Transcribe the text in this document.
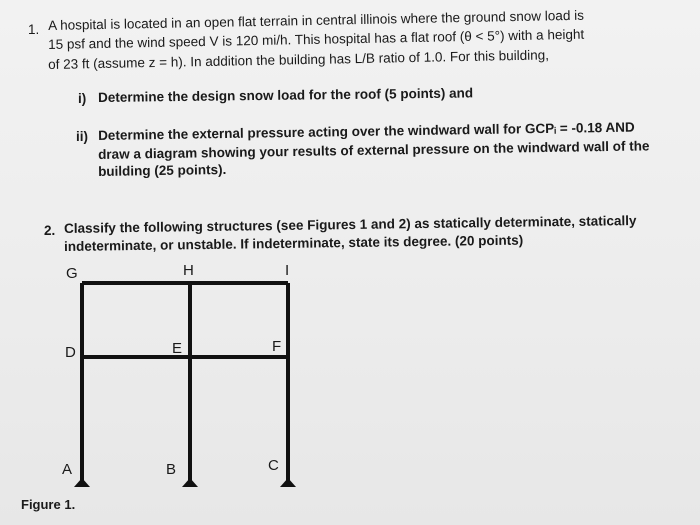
1. A hospital is located in an open flat terrain in central illinois where the ground snow load is
15 psf and the wind speed V is 120 mi/h. This hospital has a flat roof (θ < 5°) with a height
of 23 ft (assume z = h). In addition the building has L/B ratio of 1.0. For this building,
i) Determine the design snow load for the roof (5 points) and
ii) Determine the external pressure acting over the windward wall for GCPᵢ = -0.18 AND
draw a diagram showing your results of external pressure on the windward wall of the
building (25 points).
2. Classify the following structures (see Figures 1 and 2) as statically determinate, statically
indeterminate, or unstable. If indeterminate, state its degree. (20 points)
G	H	I
D	E	F
A	B	C
Figure 1.
